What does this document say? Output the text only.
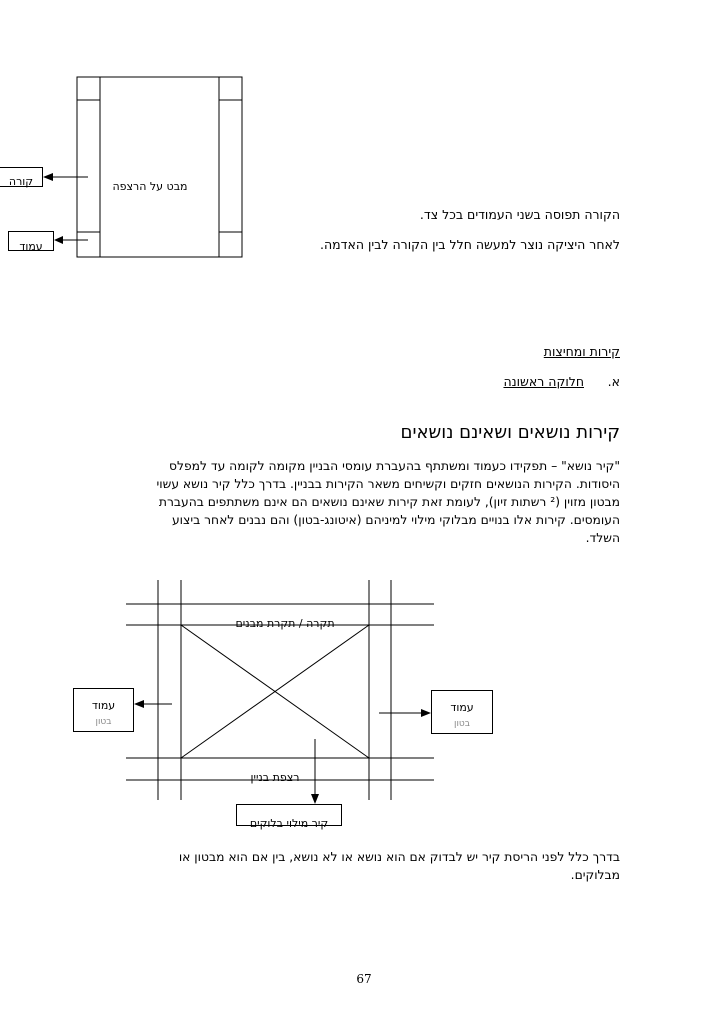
קורה
עמוד
מבט על הרצפה
הקורה תפוסה בשני העמודים בכל צד.
לאחר היציקה נוצר למעשה חלל בין הקורה לבין האדמה.
קירות ומחיצות
א.
חלוקה ראשונה
קירות נושאים ושאינם נושאים
"קיר נושא" – תפקידו כעמוד ומשתתף בהעברת עומסי הבניין מקומה לקומה עד למפלס
היסודות. הקירות הנושאים חזקים וקשיחים משאר הקירות בבניין. בדרך כלל קיר נושא עשוי
מבטון מזוין (² רשתות זיון), לעומת זאת קירות שאינם נושאים הם אינם משתתפים בהעברת
העומסים. קירות אלו בנויים מבלוקי מילוי למיניהם (איטונג-בטון) והם נבנים לאחר ביצוע
השלד.
תקרה / תקרת מבנים
רצפת בניין
עמוד
בטון
עמוד
בטון
קיר מילוי בלוקים
בדרך כלל לפני הריסת קיר יש לבדוק אם הוא נושא או לא נושא, בין אם הוא מבטון או
מבלוקים.
67
